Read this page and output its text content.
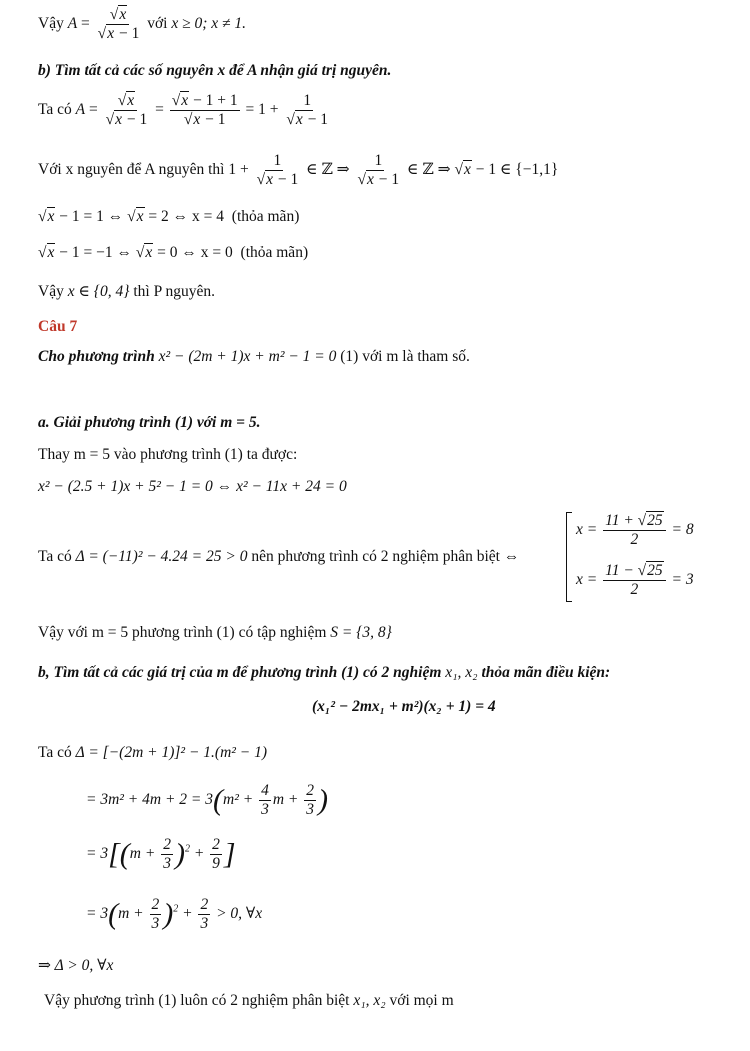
Vậy $A = \frac{√x}{√x - 1}$ với x ≥ 0; x ≠ 1.
b) Tìm tất cả các số nguyên x để A nhận giá trị nguyên.
Ta có $A = \frac{√x}{√x - 1} = \frac{√x - 1 + 1}{√x - 1} = 1 + \frac{1}{√x - 1}$
Với x nguyên để A nguyên thì $1 + \frac{1}{√x - 1}$ ∈ ℤ ⇒ $\frac{1}{√x - 1}$ ∈ ℤ ⇒ √x − 1 ∈ {−1,1}
√x − 1 = 1 ⇔ √x = 2 ⇔ x = 4 (thỏa mãn)
√x − 1 = −1 ⇔ √x = 0 ⇔ x = 0 (thỏa mãn)
Vậy x ∈ {0, 4} thì P nguyên.
Câu 7
Cho phương trình x² − (2m + 1)x + m² − 1 = 0 (1) với m là tham số.
a. Giải phương trình (1) với m = 5.
Thay m = 5 vào phương trình (1) ta được:
x² − (2.5 + 1)x + 5² − 1 = 0 ⇔ x² − 11x + 24 = 0
Ta có Δ = (−11)² − 4.24 = 25 > 0 nên phương trình có 2 nghiệm phân biệt ⇔
$x = \frac{11 + √25}{2} = 8$
$x = \frac{11 - √25}{2} = 3$
Vậy với m = 5 phương trình (1) có tập nghiệm S = {3, 8}
b, Tìm tất cả các giá trị của m để phương trình (1) có 2 nghiệm x₁, x₂ thỏa mãn điều kiện:
(x₁² − 2mx₁ + m²)(x₂ + 1) = 4
Ta có Δ = [−(2m + 1)]² − 1.(m² − 1)
= $3m^2 + 4m + 2 = 3(m^2 + \frac{4}{3}$ $m + \frac{2}{3}$ )
= $3[(m + \frac{2}{3} )^2 + \frac{2}{9}$ ]
= $3(m + \frac{2}{3} )^2 + \frac{2}{3} > 0$, ∀x
⇒ Δ > 0, ∀x
Vậy phương trình (1) luôn có 2 nghiệm phân biệt x₁, x₂ với mọi m
